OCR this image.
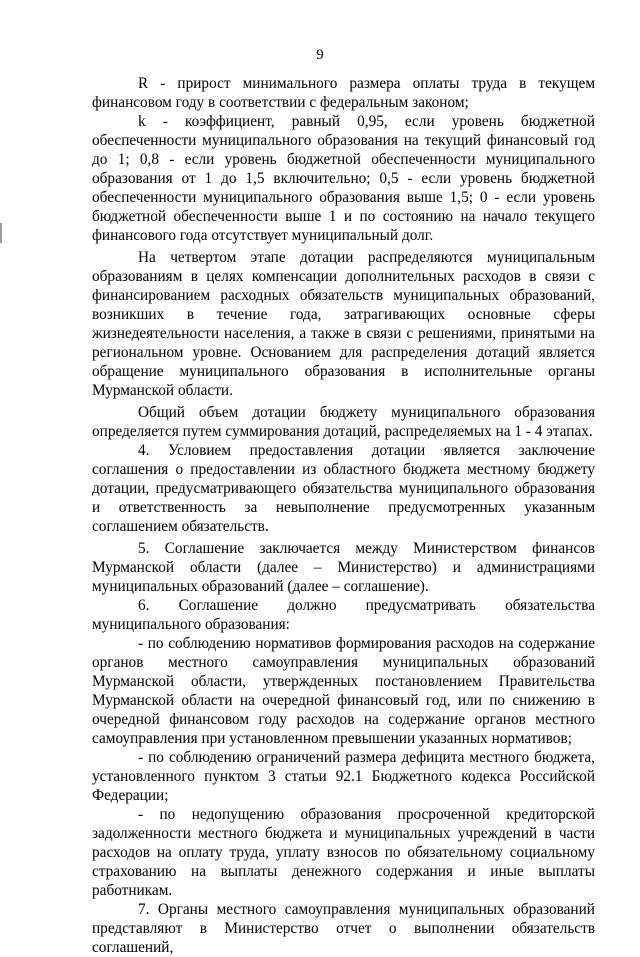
9

R - прирост минимального размера оплаты труда в текущем финансовом году в соответствии с федеральным законом;

k - коэффициент, равный 0,95, если уровень бюджетной обеспеченности муниципального образования на текущий финансовый год до 1; 0,8 - если уровень бюджетной обеспеченности муниципального образования от 1 до 1,5 включительно; 0,5 - если уровень бюджетной обеспеченности муниципального образования выше 1,5; 0 - если уровень бюджетной обеспеченности выше 1 и по состоянию на начало текущего финансового года отсутствует муниципальный долг.

На четвертом этапе дотации распределяются муниципальным образованиям в целях компенсации дополнительных расходов в связи с финансированием расходных обязательств муниципальных образований, возникших в течение года, затрагивающих основные сферы жизнедеятельности населения, а также в связи с решениями, принятыми на региональном уровне. Основанием для распределения дотаций является обращение муниципального образования в исполнительные органы Мурманской области.

Общий объем дотации бюджету муниципального образования определяется путем суммирования дотаций, распределяемых на 1 - 4 этапах.

4. Условием предоставления дотации является заключение соглашения о предоставлении из областного бюджета местному бюджету дотации, предусматривающего обязательства муниципального образования и ответственность за невыполнение предусмотренных указанным соглашением обязательств.

5. Соглашение заключается между Министерством финансов Мурманской области (далее – Министерство) и администрациями муниципальных образований (далее – соглашение).

6. Соглашение должно предусматривать обязательства муниципального образования:

- по соблюдению нормативов формирования расходов на содержание органов местного самоуправления муниципальных образований Мурманской области, утвержденных постановлением Правительства Мурманской области на очередной финансовый год, или по снижению в очередной финансовом году расходов на содержание органов местного самоуправления при установленном превышении указанных нормативов;

- по соблюдению ограничений размера дефицита местного бюджета, установленного пунктом 3 статьи 92.1 Бюджетного кодекса Российской Федерации;

- по недопущению образования просроченной кредиторской задолженности местного бюджета и муниципальных учреждений в части расходов на оплату труда, уплату взносов по обязательному социальному страхованию на выплаты денежного содержания и иные выплаты работникам.

7. Органы местного самоуправления муниципальных образований представляют в Министерство отчет о выполнении обязательств соглашений,
